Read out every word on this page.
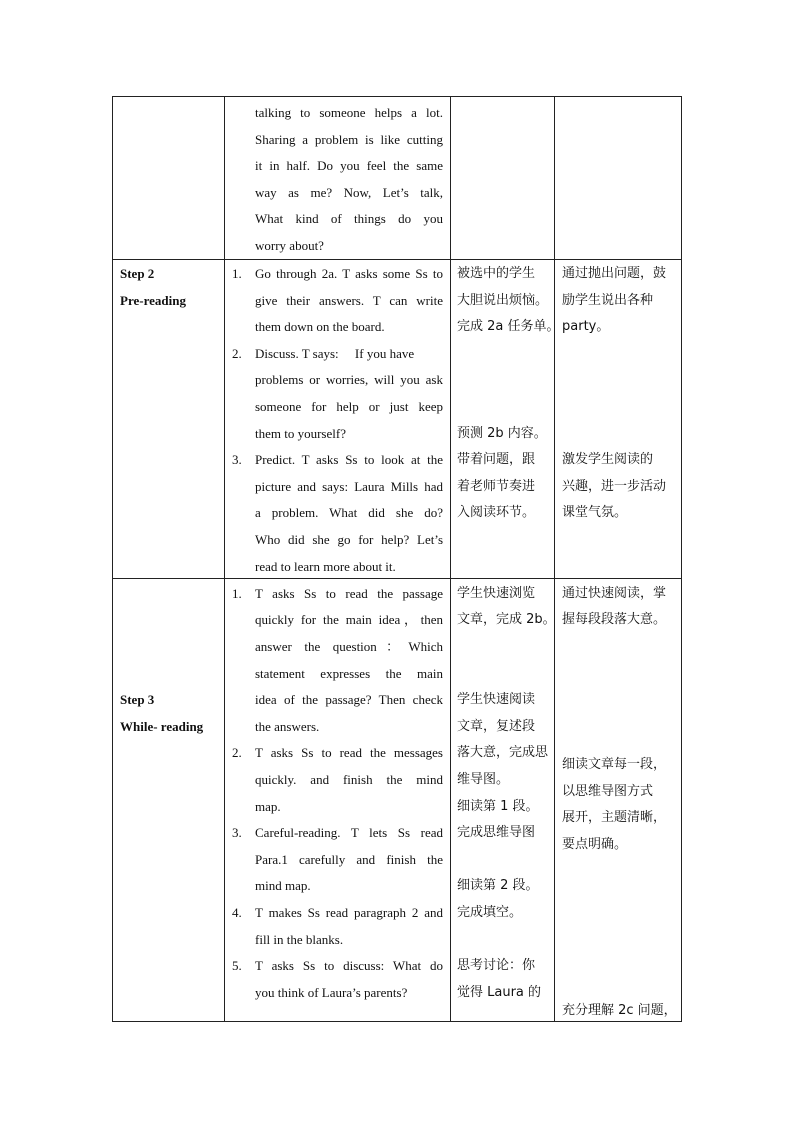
talking to someone helps a lot.
Sharing a problem is like cutting
it in half. Do you feel the same
way as me? Now, Let’s talk,
What kind of things do you
worry about?
Step 2
Pre-reading
1. Go through 2a. T asks some Ss to
give their answers. T can write
them down on the board.
2. Discuss. T says:     If you have
problems or worries, will you ask
someone for help or just keep
them to yourself?
3. Predict. T asks Ss to look at the
picture and says: Laura Mills had
a problem. What did she do?
Who did she go for help? Let’s
read to learn more about it.
被选中的学生
大胆说出烦恼。
完成 2a 任务单。
预测 2b 内容。
带着问题，跟
着老师节奏进
入阅读环节。
通过抛出问题，鼓
励学生说出各种
party。
激发学生阅读的
兴趣，进一步活动
课堂气氛。
Step 3
While- reading
1. T asks Ss to read the passage
quickly for the main idea，then
answer the question：Which
statement expresses the main
idea of the passage? Then check
the answers.
2. T asks Ss to read the messages
quickly. and finish the mind
map.
3. Careful-reading. T lets Ss read
Para.1 carefully and finish the
mind map.
4. T makes Ss read paragraph 2 and
fill in the blanks.
5. T asks Ss to discuss: What do
you think of Laura’s parents?
学生快速浏览
文章，完成 2b。
学生快速阅读
文章，复述段
落大意，完成思
维导图。
细读第 1 段。
完成思维导图
细读第 2 段。
完成填空。
思考讨论：你
觉得 Laura 的
通过快速阅读，掌
握每段段落大意。
细读文章每一段，
以思维导图方式
展开，主题清晰，
要点明确。
充分理解 2c 问题，
